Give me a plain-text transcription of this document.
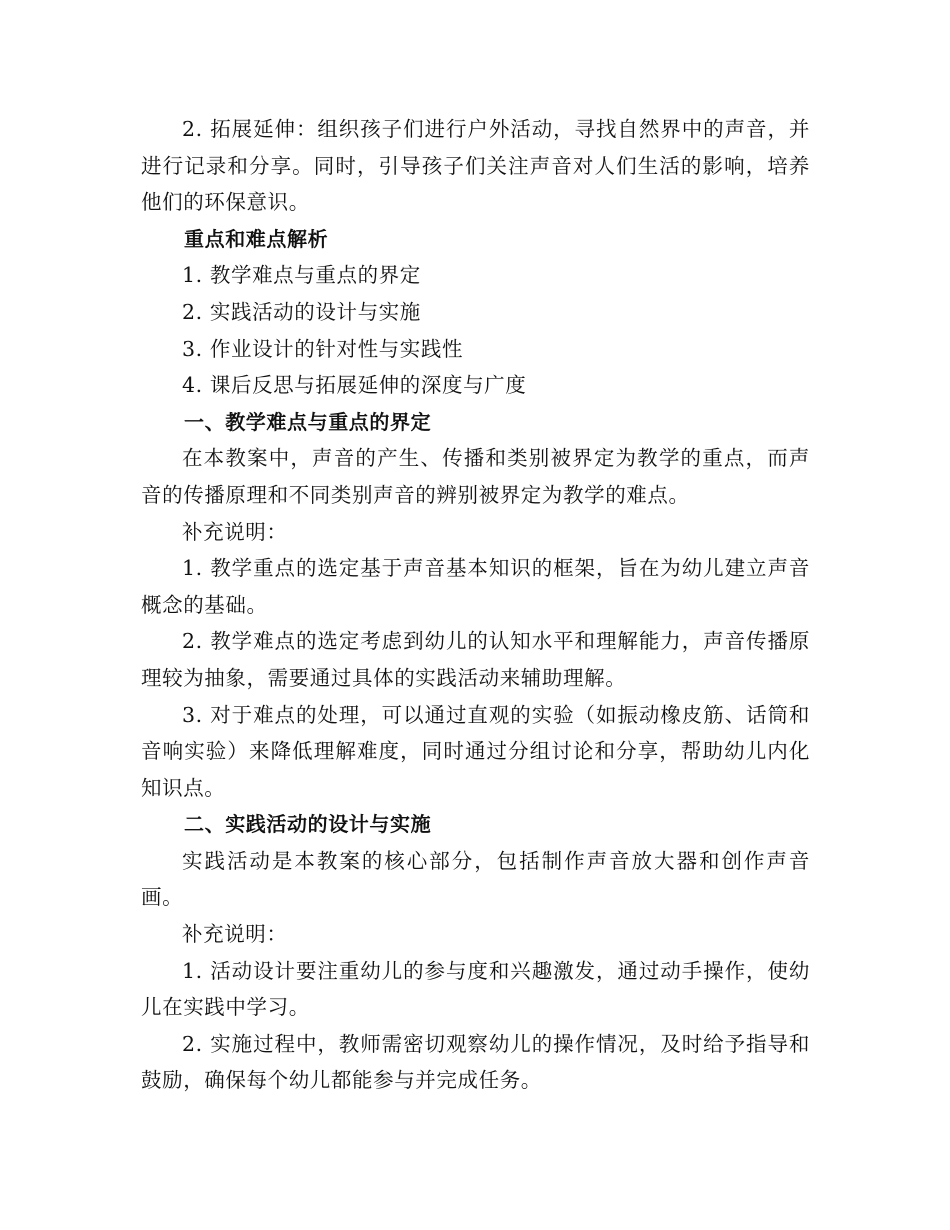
2. 拓展延伸：组织孩子们进行户外活动，寻找自然界中的声音，并进行记录和分享。同时，引导孩子们关注声音对人们生活的影响，培养他们的环保意识。

重点和难点解析

1. 教学难点与重点的界定

2. 实践活动的设计与实施

3. 作业设计的针对性与实践性

4. 课后反思与拓展延伸的深度与广度

一、教学难点与重点的界定

在本教案中，声音的产生、传播和类别被界定为教学的重点，而声音的传播原理和不同类别声音的辨别被界定为教学的难点。

补充说明：

1. 教学重点的选定基于声音基本知识的框架，旨在为幼儿建立声音概念的基础。

2. 教学难点的选定考虑到幼儿的认知水平和理解能力，声音传播原理较为抽象，需要通过具体的实践活动来辅助理解。

3. 对于难点的处理，可以通过直观的实验（如振动橡皮筋、话筒和音响实验）来降低理解难度，同时通过分组讨论和分享，帮助幼儿内化知识点。

二、实践活动的设计与实施

实践活动是本教案的核心部分，包括制作声音放大器和创作声音画。

补充说明：

1. 活动设计要注重幼儿的参与度和兴趣激发，通过动手操作，使幼儿在实践中学习。

2. 实施过程中，教师需密切观察幼儿的操作情况，及时给予指导和鼓励，确保每个幼儿都能参与并完成任务。
